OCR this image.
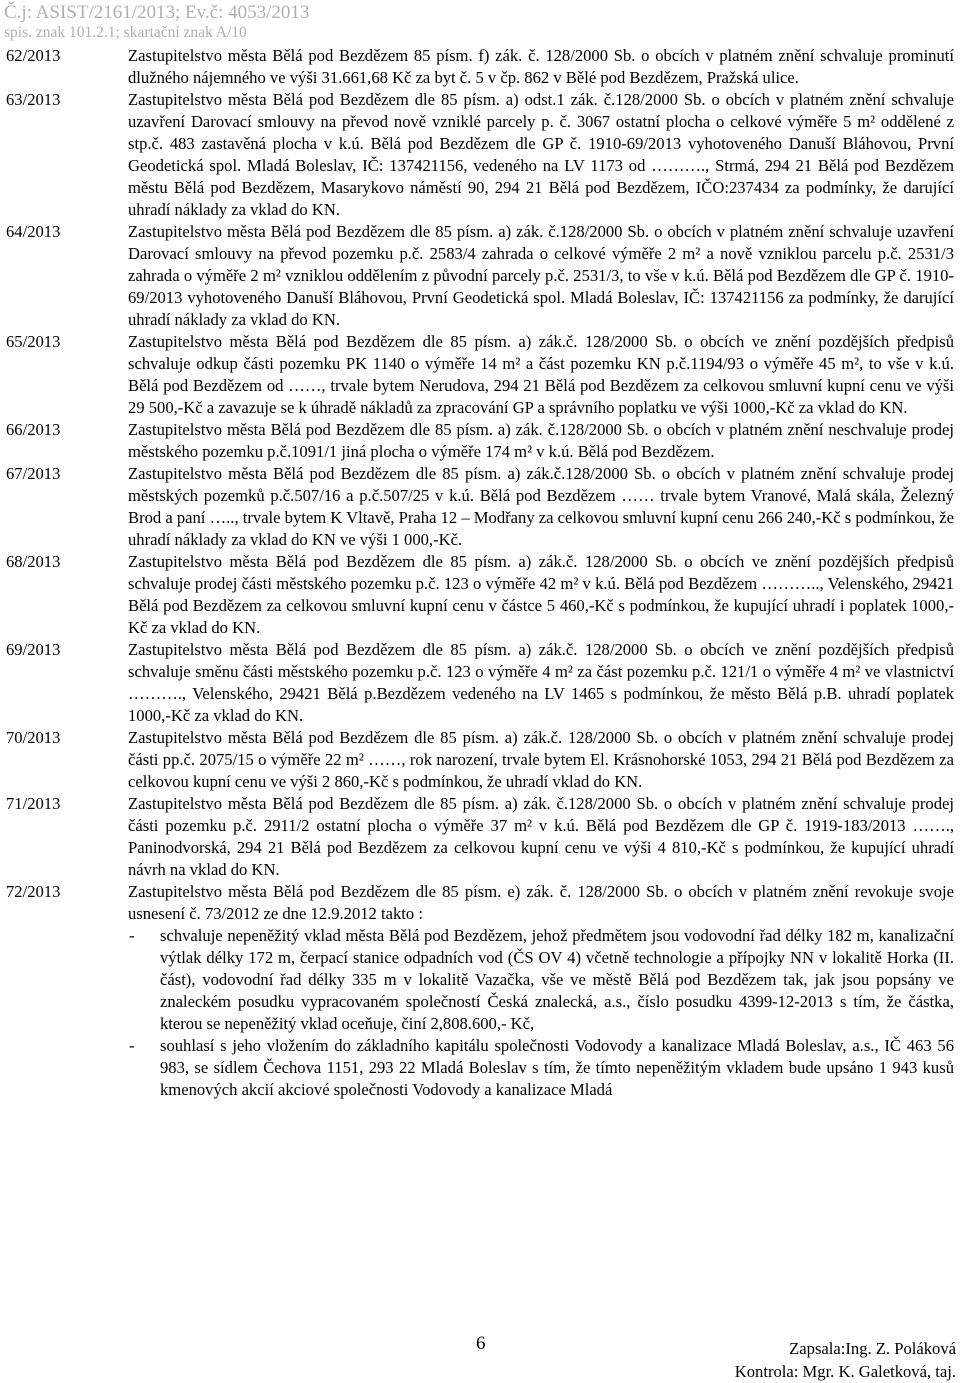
Č.j: ASIST/2161/2013; Ev.č: 4053/2013
spis. znak 101.2.1; skartační znak A/10
62/2013	Zastupitelstvo města Bělá pod Bezdězem 85 písm. f) zák. č. 128/2000 Sb. o obcích v platném znění schvaluje prominutí dlužného nájemného ve výši 31.661,68 Kč za byt č. 5 v čp. 862 v Bělé pod Bezdězem, Pražská ulice.
63/2013	Zastupitelstvo města Bělá pod Bezdězem dle 85 písm. a) odst.1 zák. č.128/2000 Sb. o obcích v platném znění schvaluje uzavření Darovací smlouvy na převod nově vzniklé parcely p. č. 3067 ostatní plocha o celkové výměře 5 m² oddělené z stp.č. 483 zastavěná plocha v k.ú. Bělá pod Bezdězem dle GP č. 1910-69/2013 vyhotoveného Danuší Bláhovou, První Geodetická spol. Mladá Boleslav, IČ: 137421156, vedeného na LV 1173 od ………., Strmá, 294 21 Bělá pod Bezdězem městu Bělá pod Bezdězem, Masarykovo náměstí 90, 294 21 Bělá pod Bezdězem, IČO:237434 za podmínky, že darující uhradí náklady za vklad do KN.
64/2013	Zastupitelstvo města Bělá pod Bezdězem dle 85 písm. a) zák. č.128/2000 Sb. o obcích v platném znění schvaluje uzavření Darovací smlouvy na převod pozemku p.č. 2583/4 zahrada o celkové výměře 2 m² a nově vzniklou parcelu p.č. 2531/3 zahrada o výměře 2 m² vzniklou oddělením z původní parcely p.č. 2531/3, to vše v k.ú. Bělá pod Bezdězem dle GP č. 1910-69/2013 vyhotoveného Danuší Bláhovou, První Geodetická spol. Mladá Boleslav, IČ: 137421156 za podmínky, že darující uhradí náklady za vklad do KN.
65/2013	Zastupitelstvo města Bělá pod Bezdězem dle 85 písm. a) zák.č. 128/2000 Sb. o obcích ve znění pozdějších předpisů schvaluje odkup části pozemku PK 1140 o výměře 14 m² a část pozemku KN p.č.1194/93 o výměře 45 m², to vše v k.ú. Bělá pod Bezdězem od ……, trvale bytem Nerudova, 294 21 Bělá pod Bezdězem za celkovou smluvní kupní cenu ve výši 29 500,-Kč a zavazuje se k úhradě nákladů za zpracování GP a správního poplatku ve výši 1000,-Kč za vklad do KN.
66/2013	Zastupitelstvo města Bělá pod Bezdězem dle 85 písm. a) zák. č.128/2000 Sb. o obcích v platném znění neschvaluje prodej městského pozemku p.č.1091/1 jiná plocha o výměře 174 m² v k.ú. Bělá pod Bezdězem.
67/2013	Zastupitelstvo města Bělá pod Bezdězem dle 85 písm. a) zák.č.128/2000 Sb. o obcích v platném znění schvaluje prodej městských pozemků p.č.507/16 a p.č.507/25 v k.ú. Bělá pod Bezdězem …… trvale bytem Vranové, Malá skála, Železný Brod a paní ….., trvale bytem K Vltavě, Praha 12 – Modřany za celkovou smluvní kupní cenu 266 240,-Kč s podmínkou, že uhradí náklady za vklad do KN ve výši 1 000,-Kč.
68/2013	Zastupitelstvo města Bělá pod Bezdězem dle 85 písm. a) zák.č. 128/2000 Sb. o obcích ve znění pozdějších předpisů schvaluje prodej části městského pozemku p.č. 123 o výměře 42 m² v k.ú. Bělá pod Bezdězem ……….., Velenského, 29421 Bělá pod Bezdězem za celkovou smluvní kupní cenu v částce 5 460,-Kč s podmínkou, že kupující uhradí i poplatek 1000,-Kč za vklad do KN.
69/2013	Zastupitelstvo města Bělá pod Bezdězem dle 85 písm. a) zák.č. 128/2000 Sb. o obcích ve znění pozdějších předpisů schvaluje směnu části městského pozemku p.č. 123 o výměře 4 m² za část pozemku p.č. 121/1 o výměře 4 m² ve vlastnictví ………., Velenského, 29421 Bělá p.Bezdězem vedeného na LV 1465 s podmínkou, že město Bělá p.B. uhradí poplatek 1000,-Kč za vklad do KN.
70/2013	Zastupitelstvo města Bělá pod Bezdězem dle 85 písm. a) zák.č. 128/2000 Sb. o obcích v platném znění schvaluje prodej části pp.č. 2075/15 o výměře 22 m² ……, rok narození, trvale bytem El. Krásnohorské 1053, 294 21 Bělá pod Bezdězem za celkovou kupní cenu ve výši 2 860,-Kč s podmínkou, že uhradí vklad do KN.
71/2013	Zastupitelstvo města Bělá pod Bezdězem dle 85 písm. a) zák. č.128/2000 Sb. o obcích v platném znění schvaluje prodej části pozemku p.č. 2911/2 ostatní plocha o výměře 37 m² v k.ú. Bělá pod Bezdězem dle GP č. 1919-183/2013 ……., Paninodvorská, 294 21 Bělá pod Bezdězem za celkovou kupní cenu ve výši 4 810,-Kč s podmínkou, že kupující uhradí návrh na vklad do KN.
72/2013	Zastupitelstvo města Bělá pod Bezdězem dle 85 písm. e) zák. č. 128/2000 Sb. o obcích v platném znění revokuje svoje usnesení č. 73/2012 ze dne 12.9.2012 takto :
-	schvaluje nepeněžitý vklad města Bělá pod Bezdězem, jehož předmětem jsou vodovodní řad délky 182 m, kanalizační výtlak délky 172 m, čerpací stanice odpadních vod (ČS OV 4) včetně technologie a přípojky NN v lokalitě Horka (II. část), vodovodní řad délky 335 m v lokalitě Vazačka, vše ve městě Bělá pod Bezdězem tak, jak jsou popsány ve znaleckém posudku vypracovaném společností Česká znalecká, a.s., číslo posudku 4399-12-2013 s tím, že částka, kterou se nepeněžitý vklad oceňuje, činí 2,808.600,- Kč,
-	souhlasí s jeho vložením do základního kapitálu společnosti Vodovody a kanalizace Mladá Boleslav, a.s., IČ 463 56 983, se sídlem Čechova 1151, 293 22 Mladá Boleslav s tím, že tímto nepeněžitým vkladem bude upsáno 1 943 kusů kmenových akcií akciové společnosti Vodovody a kanalizace Mladá
6	Zapsala:Ing. Z. Poláková
Kontrola: Mgr. K. Galetková, taj.
